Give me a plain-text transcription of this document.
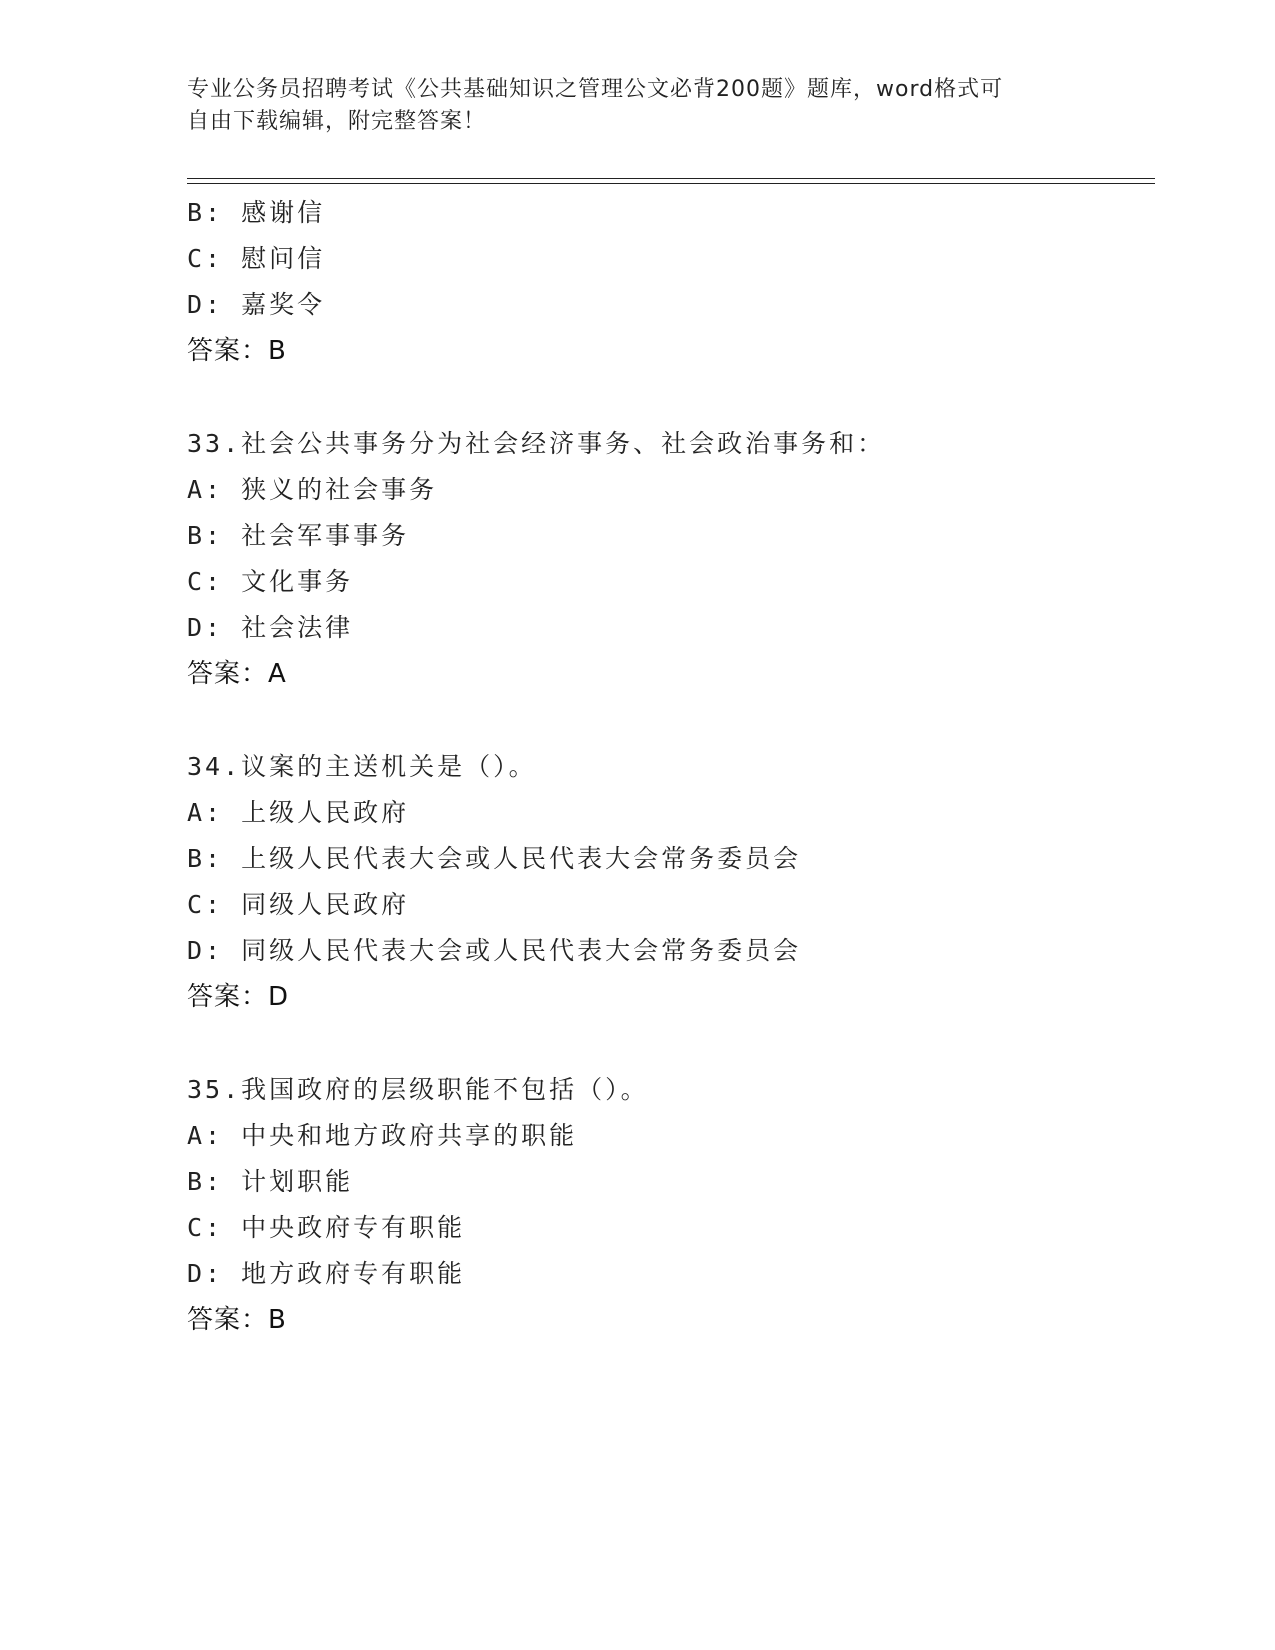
专业公务员招聘考试《公共基础知识之管理公文必背200题》题库，word格式可
自由下载编辑，附完整答案！
B: 感谢信
C: 慰问信
D: 嘉奖令
答案：B
33.社会公共事务分为社会经济事务、社会政治事务和：
A: 狭义的社会事务
B: 社会军事事务
C: 文化事务
D: 社会法律
答案：A
34.议案的主送机关是（）。
A: 上级人民政府
B: 上级人民代表大会或人民代表大会常务委员会
C: 同级人民政府
D: 同级人民代表大会或人民代表大会常务委员会
答案：D
35.我国政府的层级职能不包括（）。
A: 中央和地方政府共享的职能
B: 计划职能
C: 中央政府专有职能
D: 地方政府专有职能
答案：B
